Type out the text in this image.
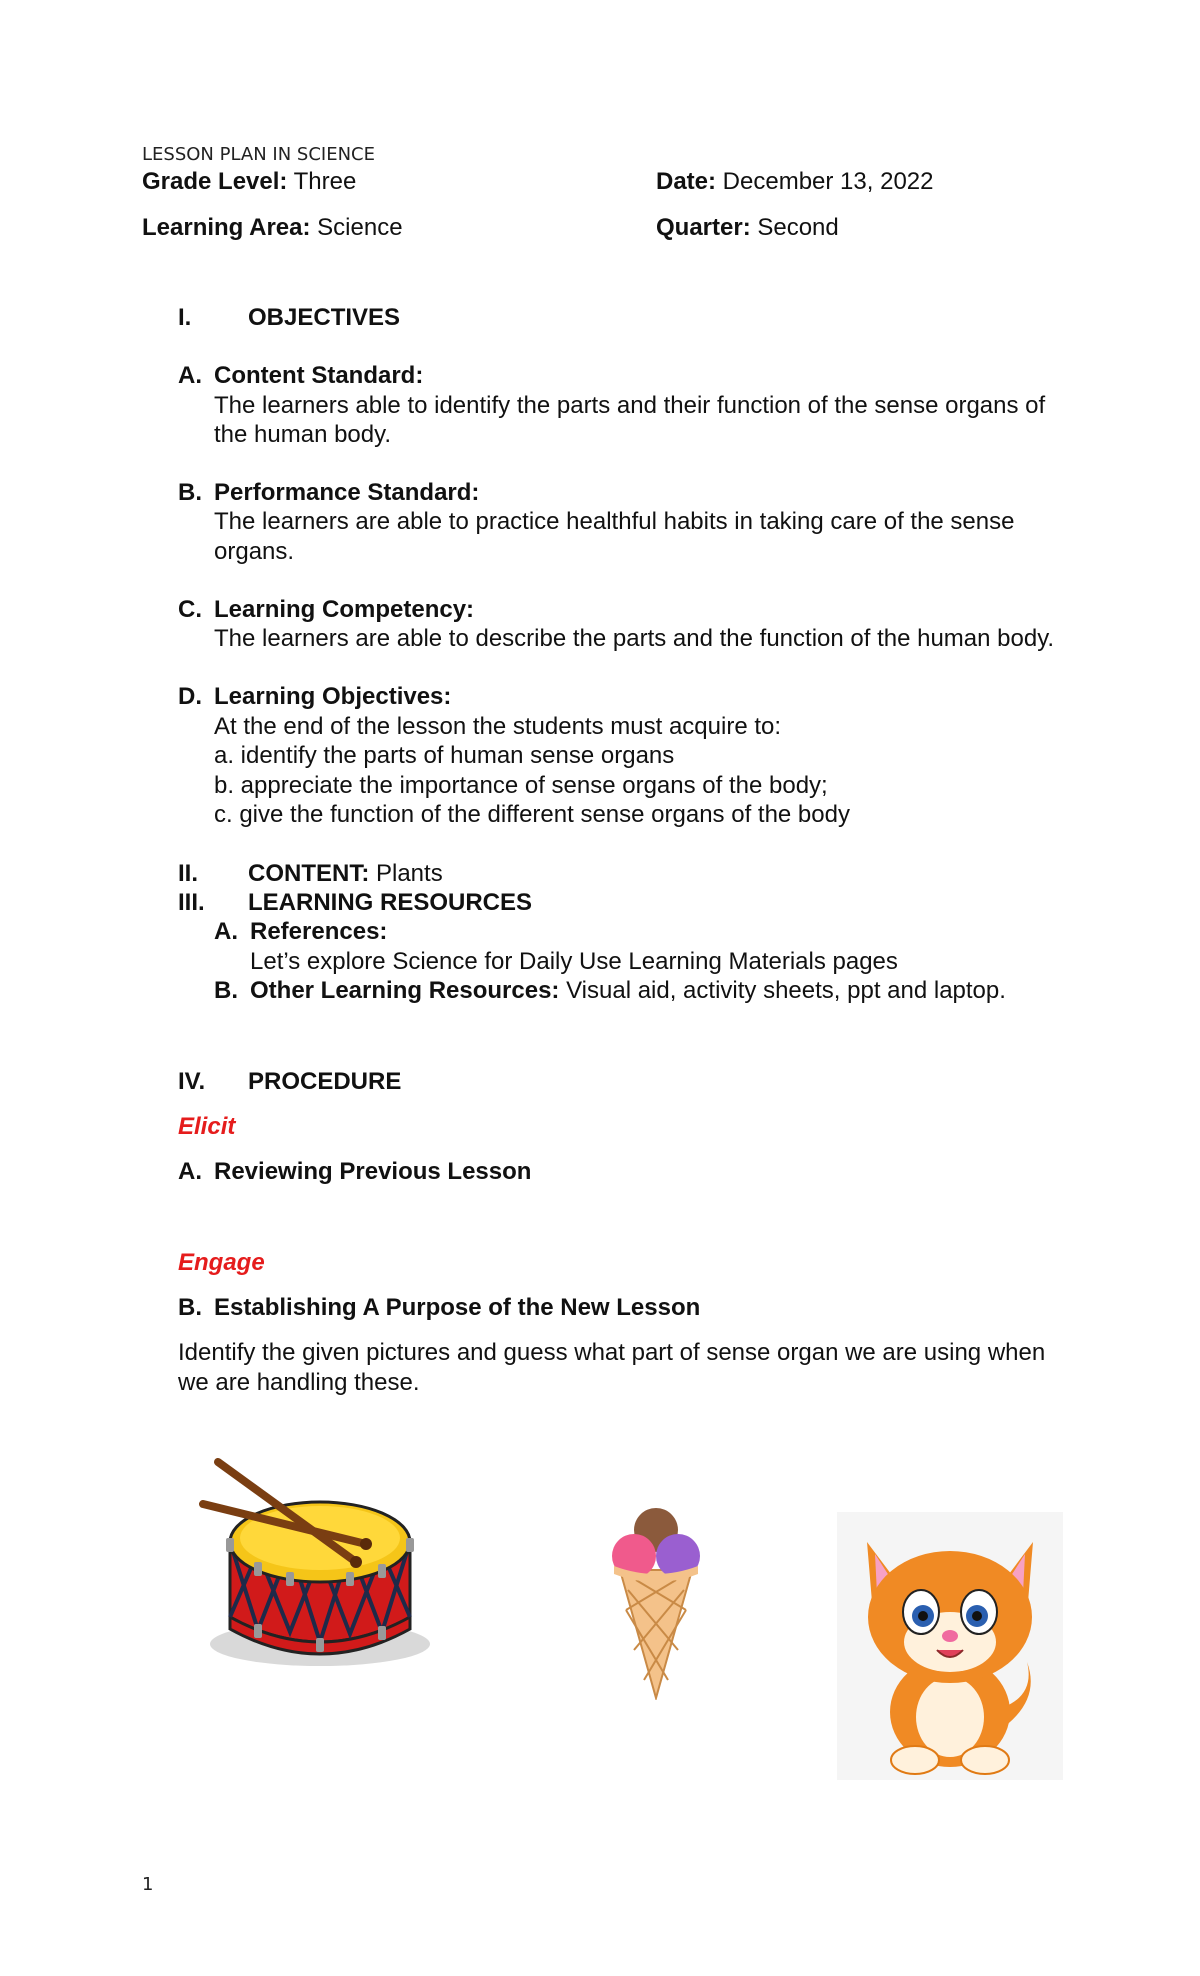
LESSON PLAN IN SCIENCE
Grade Level: Three	Date: December 13, 2022
Learning Area: Science	Quarter: Second
I. OBJECTIVES
A. Content Standard:
The learners able to identify the parts and their function of the sense organs of
the human body.
B. Performance Standard:
The learners are able to practice healthful habits in taking care of the sense
organs.
C. Learning Competency:
The learners are able to describe the parts and the function of the human body.
D. Learning Objectives:
At the end of the lesson the students must acquire to:
a. identify the parts of human sense organs
b. appreciate the importance of sense organs of the body;
c. give the function of the different sense organs of the body
II. CONTENT: Plants
III. LEARNING RESOURCES
A. References:
Let’s explore Science for Daily Use Learning Materials pages
B. Other Learning Resources: Visual aid, activity sheets, ppt and laptop.
IV. PROCEDURE
Elicit
A. Reviewing Previous Lesson
Engage
B. Establishing A Purpose of the New Lesson
Identify the given pictures and guess what part of sense organ we are using when
we are handling these.
1
